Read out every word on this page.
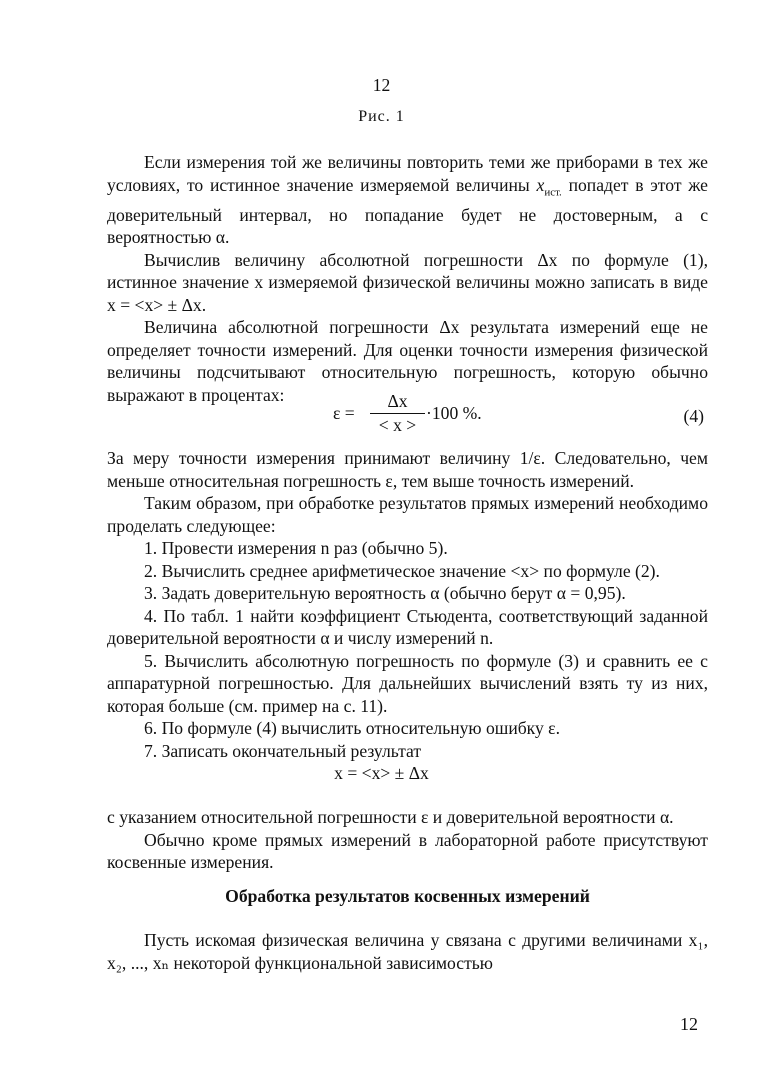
12
Рис. 1

Если измерения той же величины повторить теми же приборами в тех же условиях, то истинное значение измеряемой величины $x_{ист.}$ попадет в этот же доверительный интервал, но попадание будет не достоверным, а с вероятностью α.

Вычислив величину абсолютной погрешности Δx по формуле (1), истинное значение x измеряемой физической величины можно записать в виде x = <x> ± Δx.

Величина абсолютной погрешности Δx результата измерений еще не определяет точности измерений. Для оценки точности измерения физической величины подсчитывают относительную погрешность, которую обычно выражают в процентах:

ε =
Δx
< x >
·100 %.	(4)

За меру точности измерения принимают величину 1/ε. Следовательно, чем меньше относительная погрешность ε, тем выше точность измерений.

Таким образом, при обработке результатов прямых измерений необходимо проделать следующее:

1. Провести измерения n раз (обычно 5).

2. Вычислить среднее арифметическое значение <x> по формуле (2).

3. Задать доверительную вероятность α (обычно берут α = 0,95).

4. По табл. 1 найти коэффициент Стьюдента, соответствующий заданной доверительной вероятности α и числу измерений n.

5. Вычислить абсолютную погрешность по формуле (3) и сравнить ее с аппаратурной погрешностью. Для дальнейших вычислений взять ту из них, которая больше (см. пример на с. 11).

6. По формуле (4) вычислить относительную ошибку ε.

7. Записать окончательный результат

x = <x> ± Δx

с указанием относительной погрешности ε и доверительной вероятности α.

Обычно кроме прямых измерений в лабораторной работе присутствуют косвенные измерения.

Обработка результатов косвенных измерений

Пусть искомая физическая величина y связана с другими величинами x₁, x₂, ..., xₙ некоторой функциональной зависимостью

12
